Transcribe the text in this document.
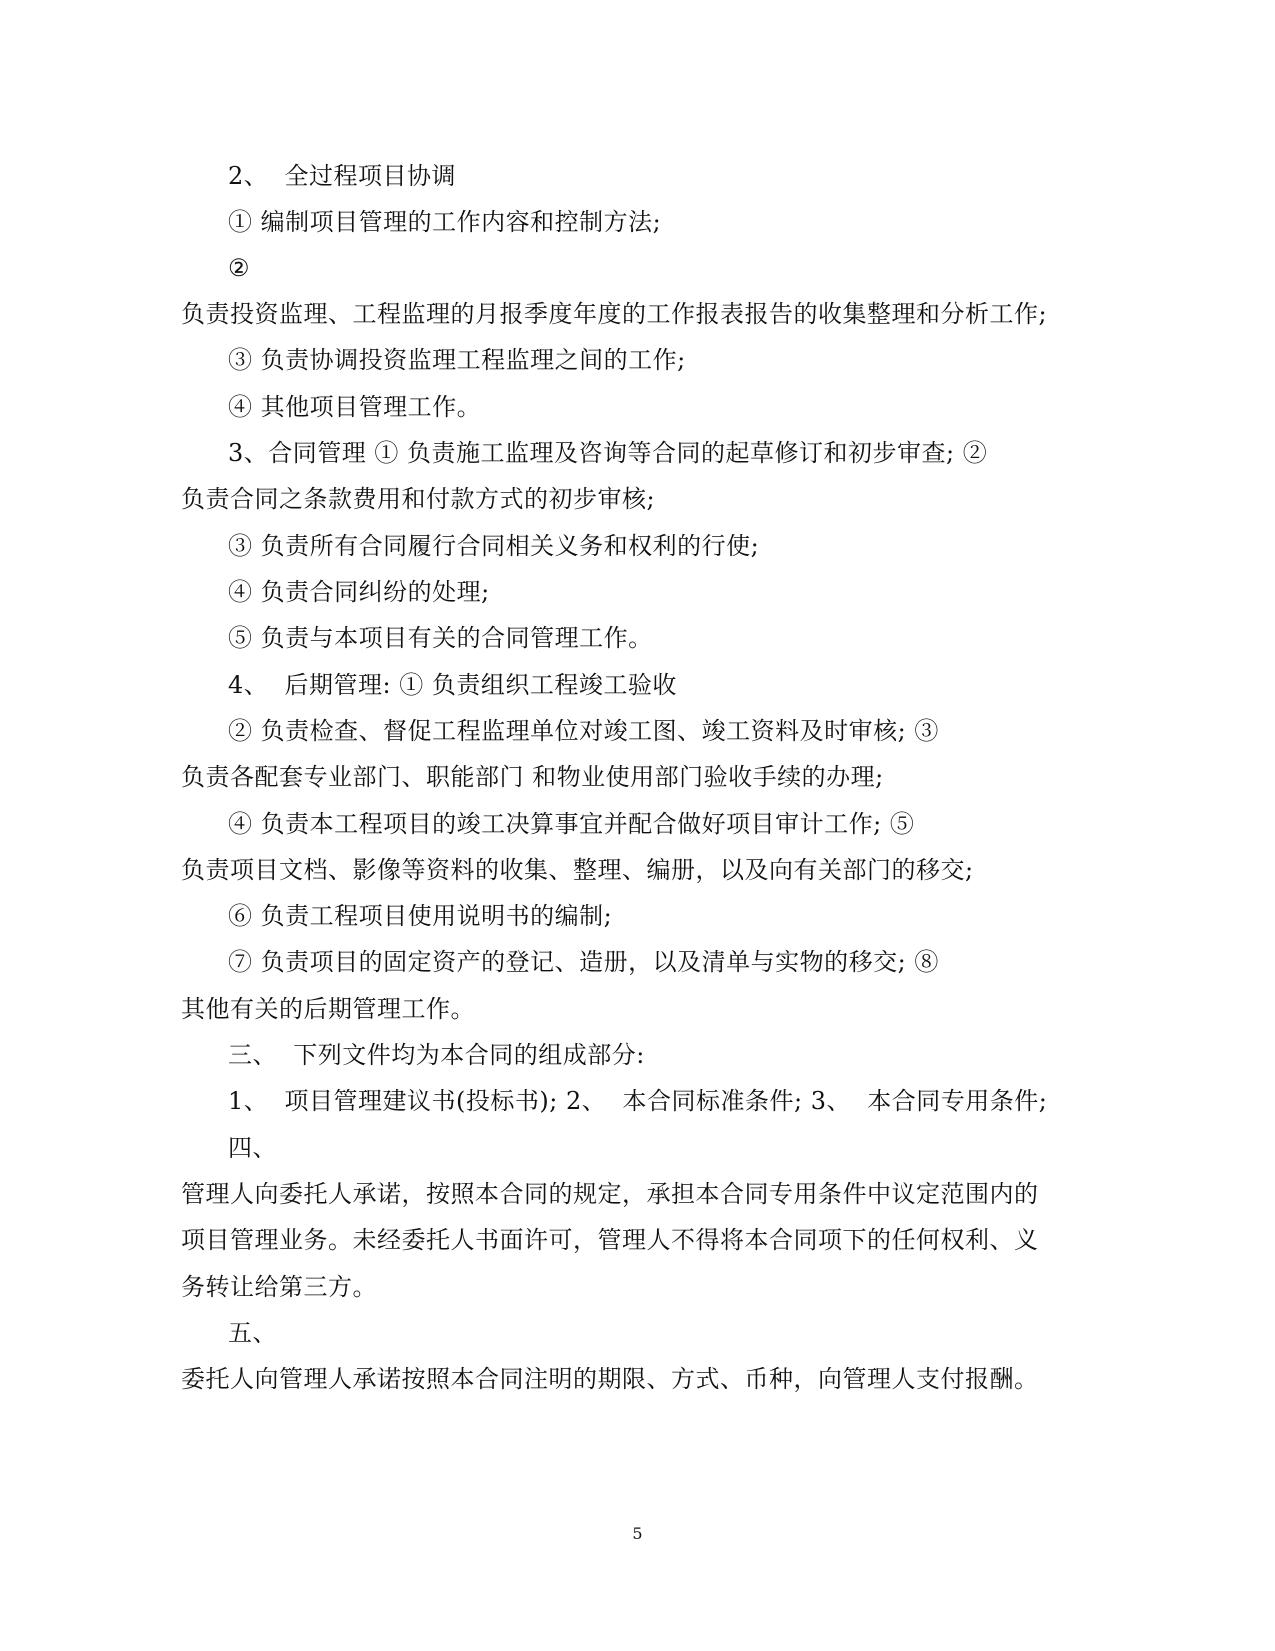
2、  全过程项目协调
① 编制项目管理的工作内容和控制方法;
②
负责投资监理、工程监理的月报季度年度的工作报表报告的收集整理和分析工作;
③ 负责协调投资监理工程监理之间的工作;
④ 其他项目管理工作。
3、合同管理 ① 负责施工监理及咨询等合同的起草修订和初步审查; ②
负责合同之条款费用和付款方式的初步审核;
③ 负责所有合同履行合同相关义务和权利的行使;
④ 负责合同纠纷的处理;
⑤ 负责与本项目有关的合同管理工作。
4、  后期管理: ① 负责组织工程竣工验收
② 负责检查、督促工程监理单位对竣工图、竣工资料及时审核; ③
负责各配套专业部门、职能部门 和物业使用部门验收手续的办理;
④ 负责本工程项目的竣工决算事宜并配合做好项目审计工作; ⑤
负责项目文档、影像等资料的收集、整理、编册，以及向有关部门的移交;
⑥ 负责工程项目使用说明书的编制;
⑦ 负责项目的固定资产的登记、造册，以及清单与实物的移交; ⑧
其他有关的后期管理工作。
三、  下列文件均为本合同的组成部分:
1、  项目管理建议书(投标书); 2、  本合同标准条件; 3、  本合同专用条件;
四、
管理人向委托人承诺，按照本合同的规定，承担本合同专用条件中议定范围内的
项目管理业务。未经委托人书面许可，管理人不得将本合同项下的任何权利、义
务转让给第三方。
五、
委托人向管理人承诺按照本合同注明的期限、方式、币种，向管理人支付报酬。
5
